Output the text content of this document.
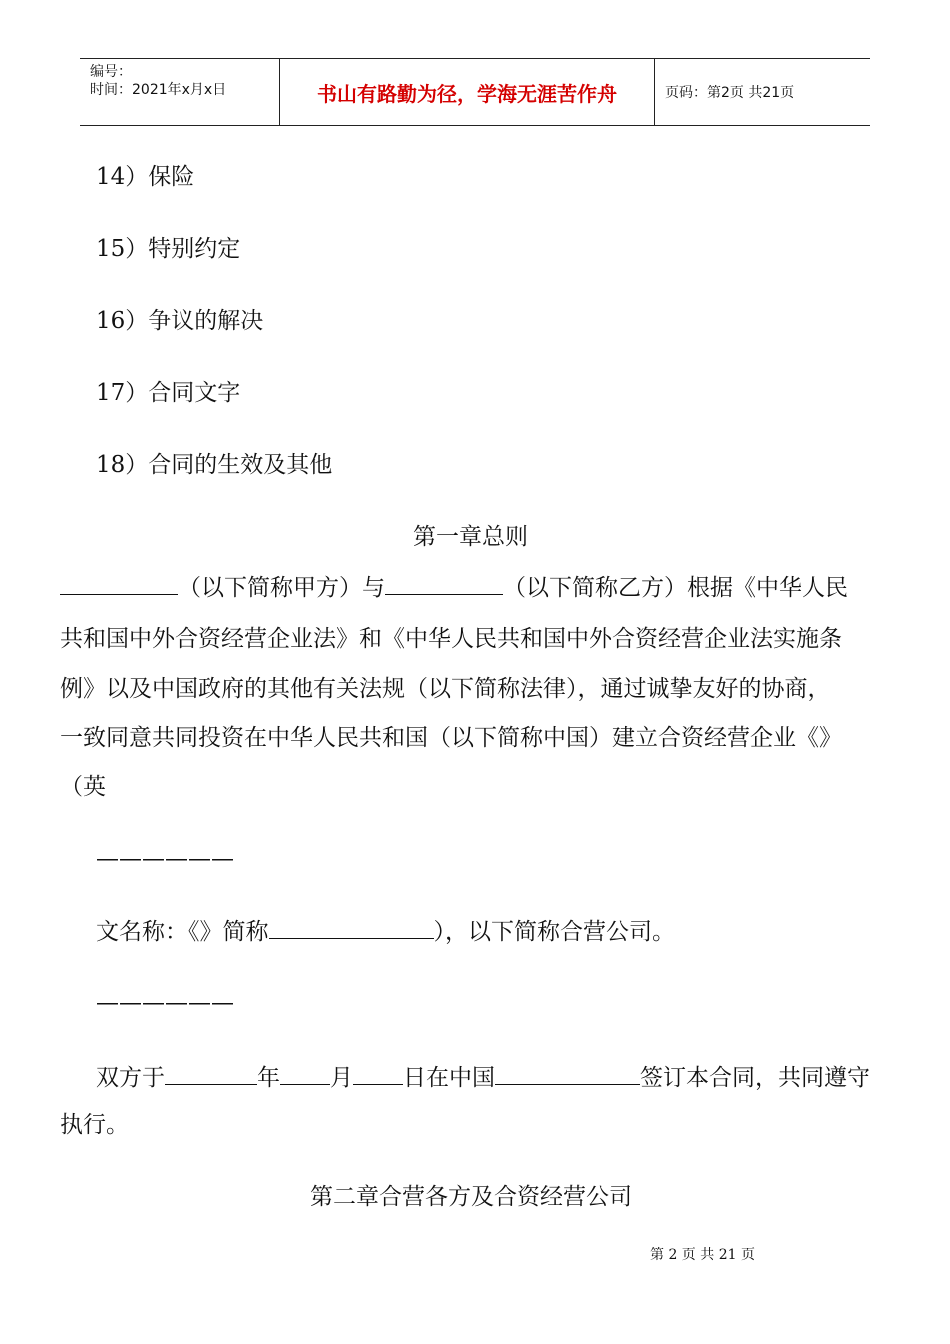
编号：
时间：2021年x月x日	书山有路勤为径，学海无涯苦作舟	页码：第2页 共21页
14）保险
15）特别约定
16）争议的解决
17）合同文字
18）合同的生效及其他
第一章总则
（以下简称甲方）与	（以下简称乙方）根据《中华人民
共和国中外合资经营企业法》和《中华人民共和国中外合资经营企业法实施条
例》以及中国政府的其他有关法规（以下简称法律），通过诚挚友好的协商，
一致同意共同投资在中华人民共和国（以下简称中国）建立合资经营企业《》
（英
——————
文名称：《》简称	），以下简称合营公司。
——————
双方于	年 月 日在中国	签订本合同，共同遵守
执行。
第二章合营各方及合资经营公司
第 2 页 共 21 页
